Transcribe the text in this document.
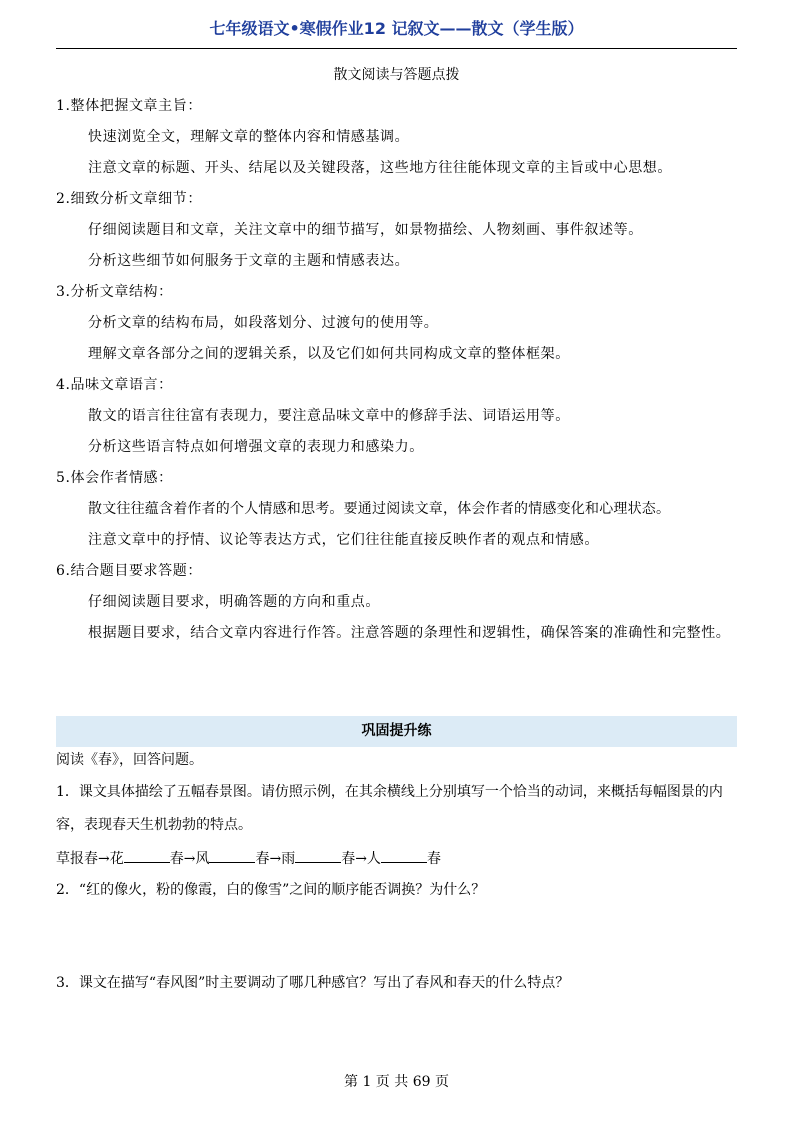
七年级语文•寒假作业12 记叙文——散文（学生版）
散文阅读与答题点拨
1.整体把握文章主旨：
快速浏览全文，理解文章的整体内容和情感基调。
注意文章的标题、开头、结尾以及关键段落，这些地方往往能体现文章的主旨或中心思想。
2.细致分析文章细节：
仔细阅读题目和文章，关注文章中的细节描写，如景物描绘、人物刻画、事件叙述等。
分析这些细节如何服务于文章的主题和情感表达。
3.分析文章结构：
分析文章的结构布局，如段落划分、过渡句的使用等。
理解文章各部分之间的逻辑关系，以及它们如何共同构成文章的整体框架。
4.品味文章语言：
散文的语言往往富有表现力，要注意品味文章中的修辞手法、词语运用等。
分析这些语言特点如何增强文章的表现力和感染力。
5.体会作者情感：
散文往往蕴含着作者的个人情感和思考。要通过阅读文章，体会作者的情感变化和心理状态。
注意文章中的抒情、议论等表达方式，它们往往能直接反映作者的观点和情感。
6.结合题目要求答题：
仔细阅读题目要求，明确答题的方向和重点。
根据题目要求，结合文章内容进行作答。注意答题的条理性和逻辑性，确保答案的准确性和完整性。
巩固提升练
阅读《春》，回答问题。
1．课文具体描绘了五幅春景图。请仿照示例，在其余横线上分别填写一个恰当的动词，来概括每幅图景的内容，表现春天生机勃勃的特点。
草报春→花	春→风	春→雨	春→人	春
2．“红的像火，粉的像霞，白的像雪”之间的顺序能否调换？为什么？
3．课文在描写“春风图”时主要调动了哪几种感官？写出了春风和春天的什么特点？
第 1 页 共 69 页
